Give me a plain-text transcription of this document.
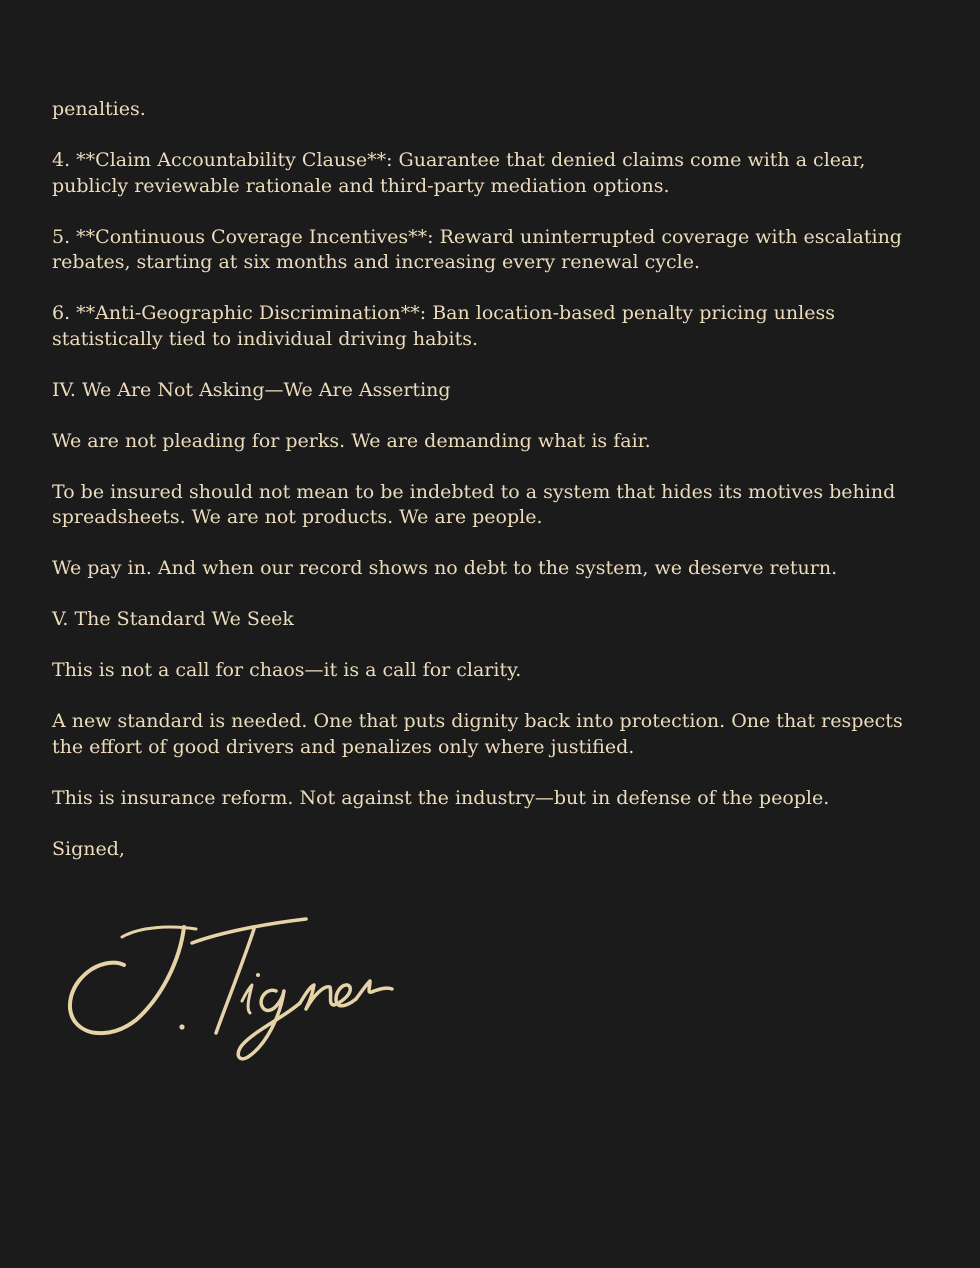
penalties.

4. **Claim Accountability Clause**: Guarantee that denied claims come with a clear, publicly reviewable rationale and third-party mediation options.

5. **Continuous Coverage Incentives**: Reward uninterrupted coverage with escalating rebates, starting at six months and increasing every renewal cycle.

6. **Anti-Geographic Discrimination**: Ban location-based penalty pricing unless statistically tied to individual driving habits.

IV. We Are Not Asking—We Are Asserting

We are not pleading for perks. We are demanding what is fair.

To be insured should not mean to be indebted to a system that hides its motives behind spreadsheets. We are not products. We are people.

We pay in. And when our record shows no debt to the system, we deserve return.

V. The Standard We Seek

This is not a call for chaos—it is a call for clarity.

A new standard is needed. One that puts dignity back into protection. One that respects the effort of good drivers and penalizes only where justified.

This is insurance reform. Not against the industry—but in defense of the people.

Signed,
